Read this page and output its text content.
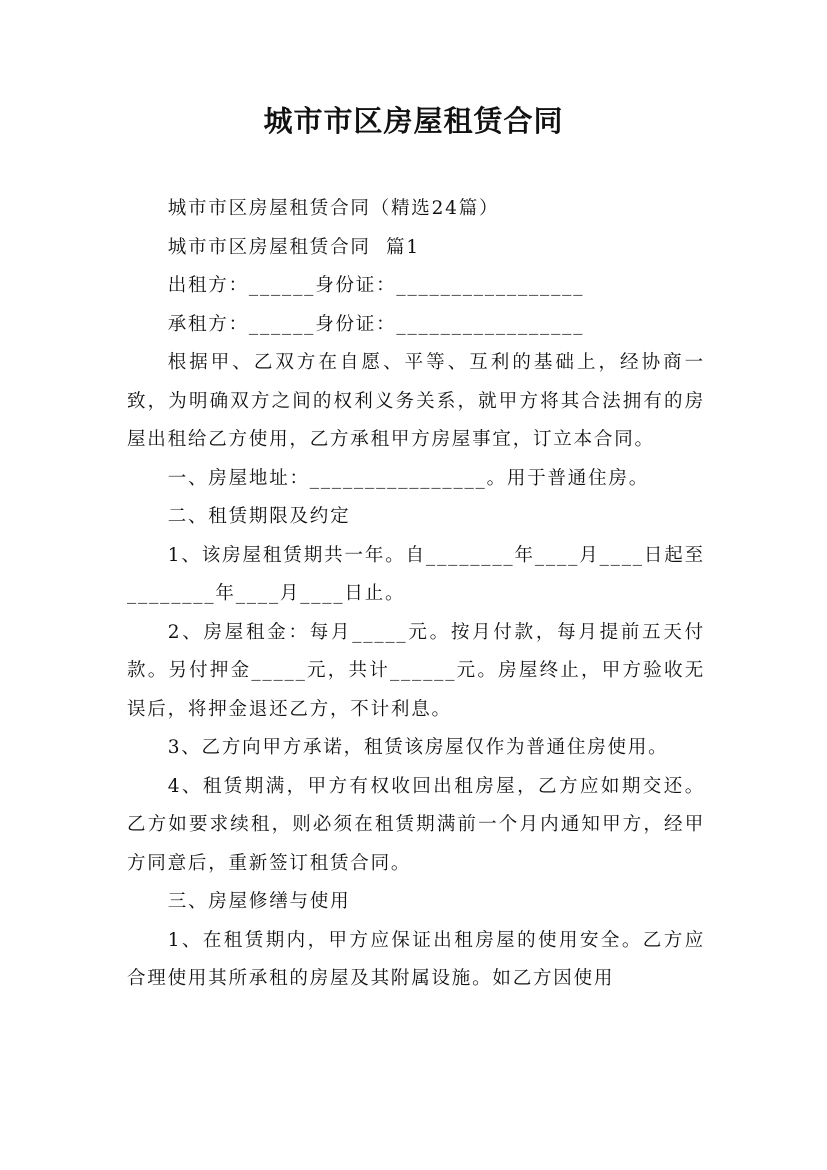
城市市区房屋租赁合同

城市市区房屋租赁合同（精选24篇）

城市市区房屋租赁合同  篇1

出租方：______身份证：_________________

承租方：______身份证：_________________

根据甲、乙双方在自愿、平等、互利的基础上，经协商一致，为明确双方之间的权利义务关系，就甲方将其合法拥有的房屋出租给乙方使用，乙方承租甲方房屋事宜，订立本合同。

一、房屋地址：________________。用于普通住房。

二、租赁期限及约定

1、该房屋租赁期共一年。自________年____月____日起至________年____月____日止。

2、房屋租金：每月_____元。按月付款，每月提前五天付款。另付押金_____元，共计______元。房屋终止，甲方验收无误后，将押金退还乙方，不计利息。

3、乙方向甲方承诺，租赁该房屋仅作为普通住房使用。

4、租赁期满，甲方有权收回出租房屋，乙方应如期交还。乙方如要求续租，则必须在租赁期满前一个月内通知甲方，经甲方同意后，重新签订租赁合同。

三、房屋修缮与使用

1、在租赁期内，甲方应保证出租房屋的使用安全。乙方应合理使用其所承租的房屋及其附属设施。如乙方因使用
